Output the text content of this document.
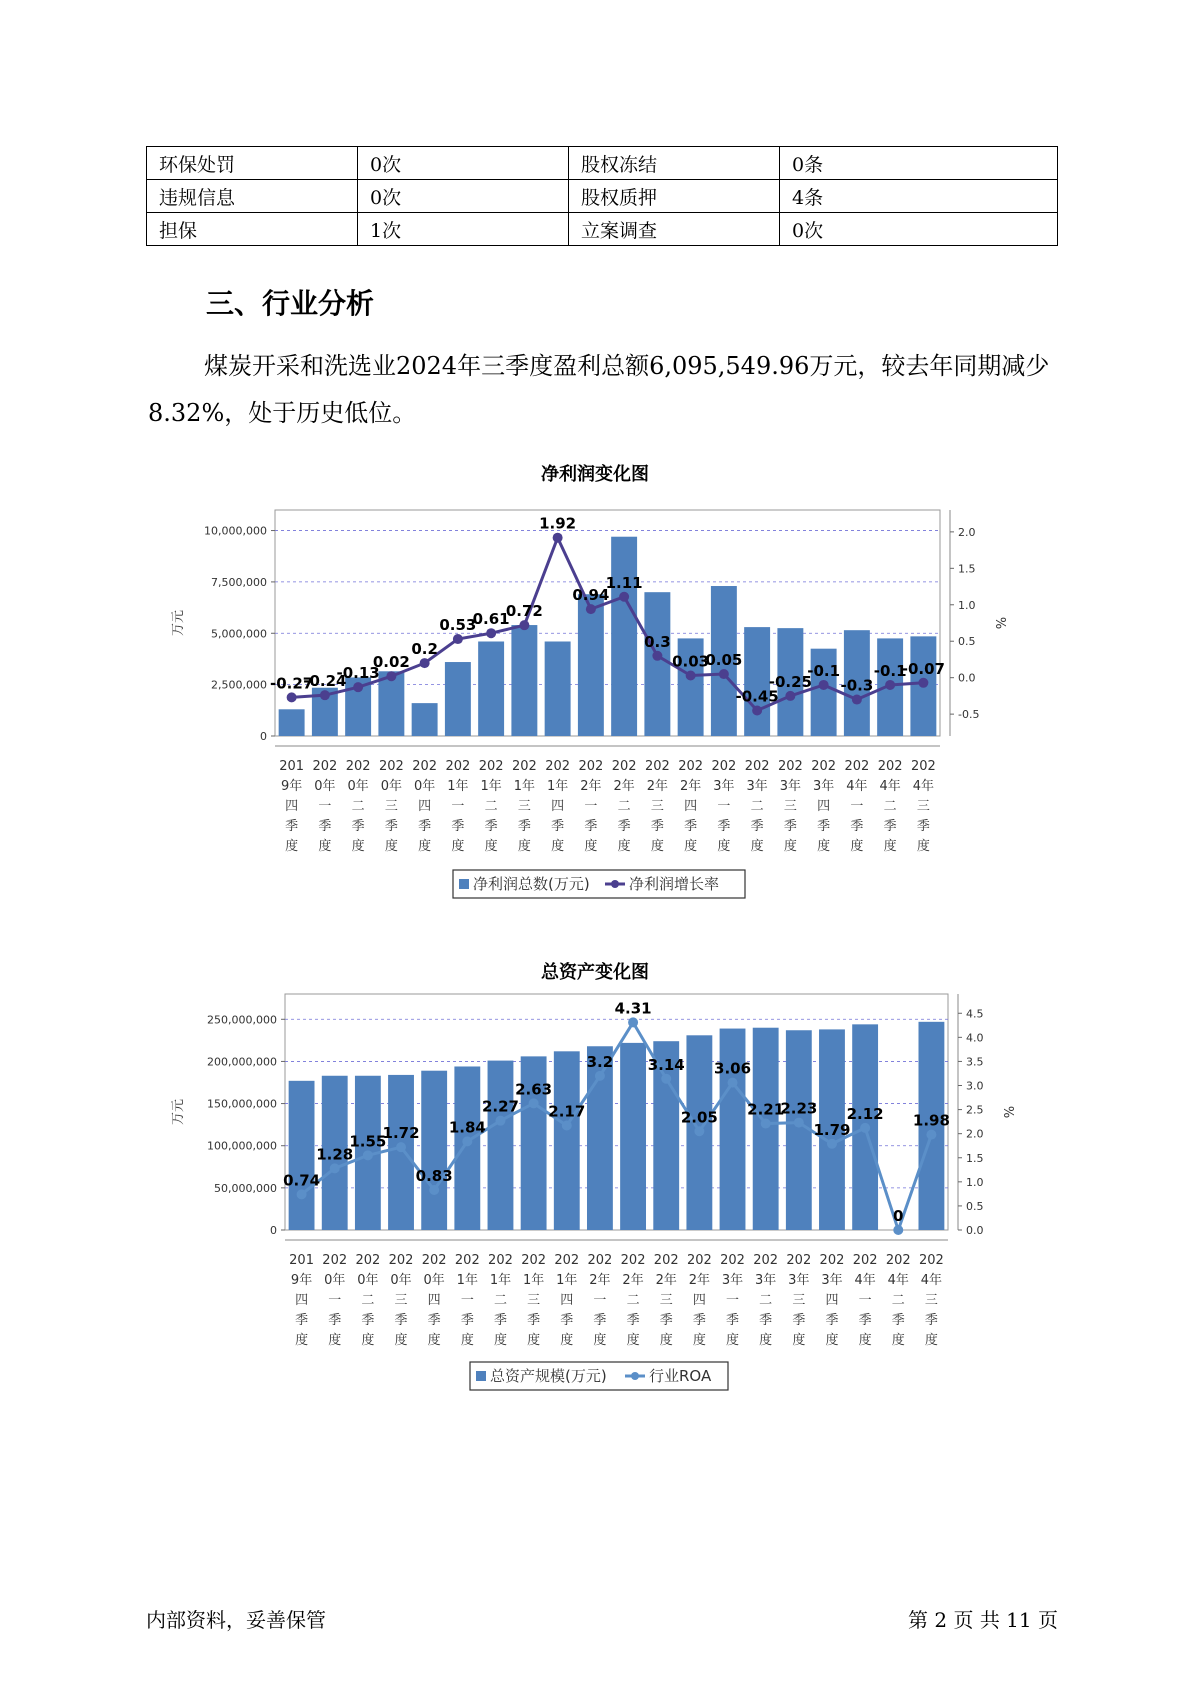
环保处罚	0次	股权冻结	0条
违规信息	0次	股权质押	4条
担保	1次	立案调查	0次
三、行业分析

煤炭开采和洗选业2024年三季度盈利总额6,095,549.96万元，较去年同期减少8.32%，处于历史低位。

净利润变化图
0
2,500,000
5,000,000
7,500,000
10,000,000
-0.5
0.0
0.5
1.0
1.5
2.0
万元	%
201
9年
四
季
度
202
0年
一
季
度
202
0年
二
季
度
202
0年
三
季
度
202
0年
四
季
度
202
1年
一
季
度
202
1年
二
季
度
202
1年
三
季
度
202
1年
四
季
度
202
2年
一
季
度
202
2年
二
季
度
202
2年
三
季
度
202
2年
四
季
度
202
3年
一
季
度
202
3年
二
季
度
202
3年
三
季
度
202
3年
四
季
度
202
4年
一
季
度
202
4年
二
季
度
202
4年
三
季
度
-0.27
-0.24
-0.13
0.02
0.2
0.53
0.61
0.72
1.92
0.94
1.11
0.3
0.03
0.05
-0.45
-0.25
-0.1
-0.3
-0.1
-0.07
净利润总数(万元)	净利润增长率
总资产变化图
0
50,000,000
100,000,000
150,000,000
200,000,000
250,000,000
0.0
0.5
1.0
1.5
2.0
2.5
3.0
3.5
4.0
4.5
万元	%
201
9年
四
季
度
202
0年
一
季
度
202
0年
二
季
度
202
0年
三
季
度
202
0年
四
季
度
202
1年
一
季
度
202
1年
二
季
度
202
1年
三
季
度
202
1年
四
季
度
202
2年
一
季
度
202
2年
二
季
度
202
2年
三
季
度
202
2年
四
季
度
202
3年
一
季
度
202
3年
二
季
度
202
3年
三
季
度
202
3年
四
季
度
202
4年
一
季
度
202
4年
二
季
度
202
4年
三
季
度
0.74
1.28
1.55
1.72
0.83
1.84
2.27
2.63
2.17
3.2
4.31
3.14
2.05
3.06
2.21
2.23
1.79
2.12
0
1.98
总资产规模(万元)	行业ROA
内部资料，妥善保管	第 2 页 共 11 页
